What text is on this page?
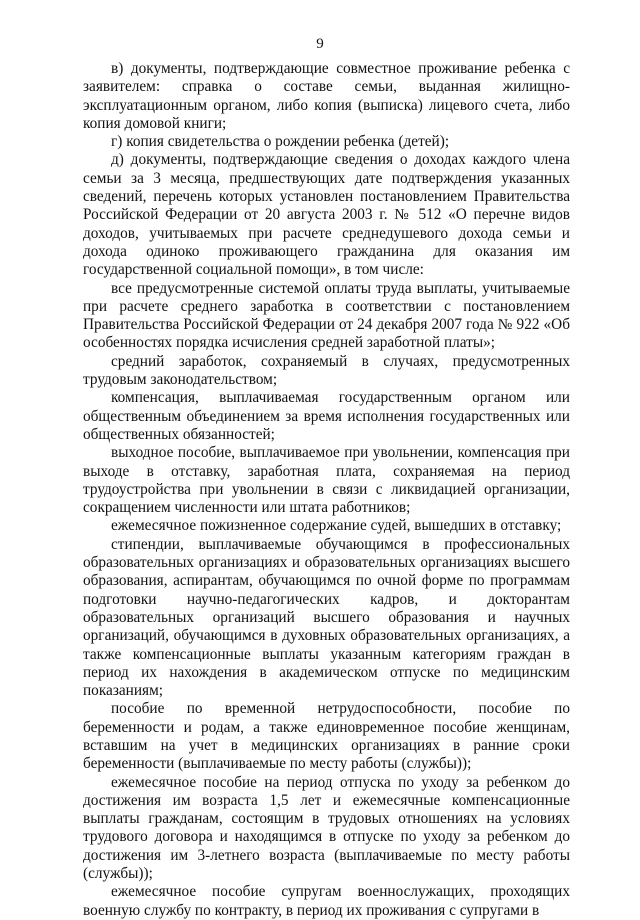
9

в) документы, подтверждающие совместное проживание ребенка с заявителем: справка о составе семьи, выданная жилищно-эксплуатационным органом, либо копия (выписка) лицевого счета, либо копия домовой книги;

г) копия свидетельства о рождении ребенка (детей);

д) документы, подтверждающие сведения о доходах каждого члена семьи за 3 месяца, предшествующих дате подтверждения указанных сведений, перечень которых установлен постановлением Правительства Российской Федерации от 20 августа 2003 г. № 512 «О перечне видов доходов, учитываемых при расчете среднедушевого дохода семьи и дохода одиноко проживающего гражданина для оказания им государственной социальной помощи», в том числе:

все предусмотренные системой оплаты труда выплаты, учитываемые при расчете среднего заработка в соответствии с постановлением Правительства Российской Федерации от 24 декабря 2007 года № 922 «Об особенностях порядка исчисления средней заработной платы»;

средний заработок, сохраняемый в случаях, предусмотренных трудовым законодательством;

компенсация, выплачиваемая государственным органом или общественным объединением за время исполнения государственных или общественных обязанностей;

выходное пособие, выплачиваемое при увольнении, компенсация при выходе в отставку, заработная плата, сохраняемая на период трудоустройства при увольнении в связи с ликвидацией организации, сокращением численности или штата работников;

ежемесячное пожизненное содержание судей, вышедших в отставку;

стипендии, выплачиваемые обучающимся в профессиональных образовательных организациях и образовательных организациях высшего образования, аспирантам, обучающимся по очной форме по программам подготовки научно-педагогических кадров, и докторантам образовательных организаций высшего образования и научных организаций, обучающимся в духовных образовательных организациях, а также компенсационные выплаты указанным категориям граждан в период их нахождения в академическом отпуске по медицинским показаниям;

пособие по временной нетрудоспособности, пособие по беременности и родам, а также единовременное пособие женщинам, вставшим на учет в медицинских организациях в ранние сроки беременности (выплачиваемые по месту работы (службы));

ежемесячное пособие на период отпуска по уходу за ребенком до достижения им возраста 1,5 лет и ежемесячные компенсационные выплаты гражданам, состоящим в трудовых отношениях на условиях трудового договора и находящимся в отпуске по уходу за ребенком до достижения им 3-летнего возраста (выплачиваемые по месту работы (службы));

ежемесячное пособие супругам военнослужащих, проходящих военную службу по контракту, в период их проживания с супругами в
